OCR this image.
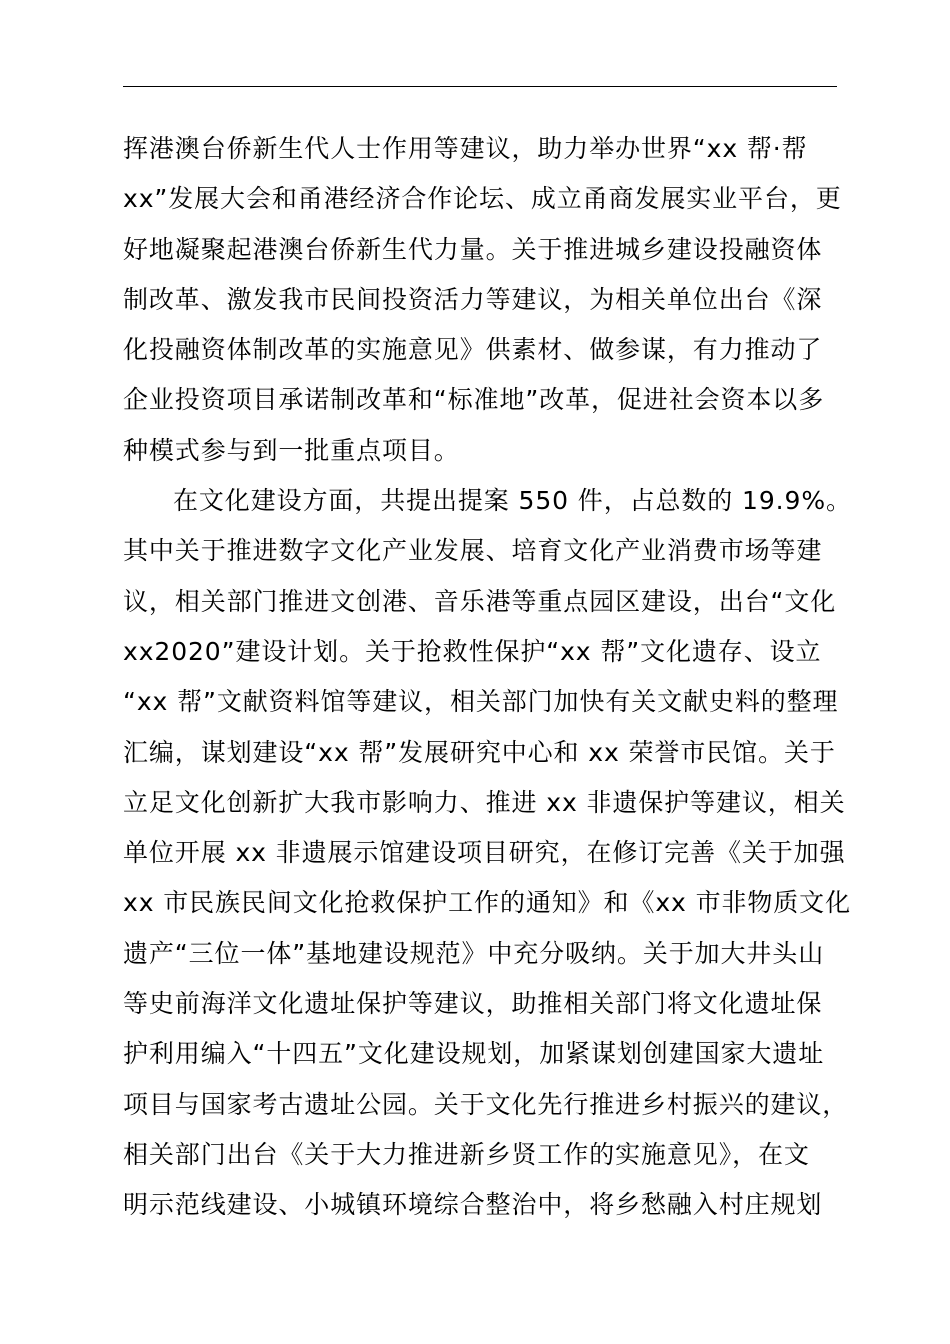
挥港澳台侨新生代人士作用等建议，助力举办世界“xx 帮·帮
xx”发展大会和甬港经济合作论坛、成立甬商发展实业平台，更
好地凝聚起港澳台侨新生代力量。关于推进城乡建设投融资体
制改革、激发我市民间投资活力等建议，为相关单位出台《深
化投融资体制改革的实施意见》供素材、做参谋，有力推动了
企业投资项目承诺制改革和“标准地”改革，促进社会资本以多
种模式参与到一批重点项目。
在文化建设方面，共提出提案 550 件，占总数的 19.9%。
其中关于推进数字文化产业发展、培育文化产业消费市场等建
议，相关部门推进文创港、音乐港等重点园区建设，出台“文化
xx2020”建设计划。关于抢救性保护“xx 帮”文化遗存、设立
“xx 帮”文献资料馆等建议，相关部门加快有关文献史料的整理
汇编，谋划建设“xx 帮”发展研究中心和 xx 荣誉市民馆。关于
立足文化创新扩大我市影响力、推进 xx 非遗保护等建议，相关
单位开展 xx 非遗展示馆建设项目研究，在修订完善《关于加强
xx 市民族民间文化抢救保护工作的通知》和《xx 市非物质文化
遗产“三位一体”基地建设规范》中充分吸纳。关于加大井头山
等史前海洋文化遗址保护等建议，助推相关部门将文化遗址保
护利用编入“十四五”文化建设规划，加紧谋划创建国家大遗址
项目与国家考古遗址公园。关于文化先行推进乡村振兴的建议，
相关部门出台《关于大力推进新乡贤工作的实施意见》，在文
明示范线建设、小城镇环境综合整治中，将乡愁融入村庄规划
